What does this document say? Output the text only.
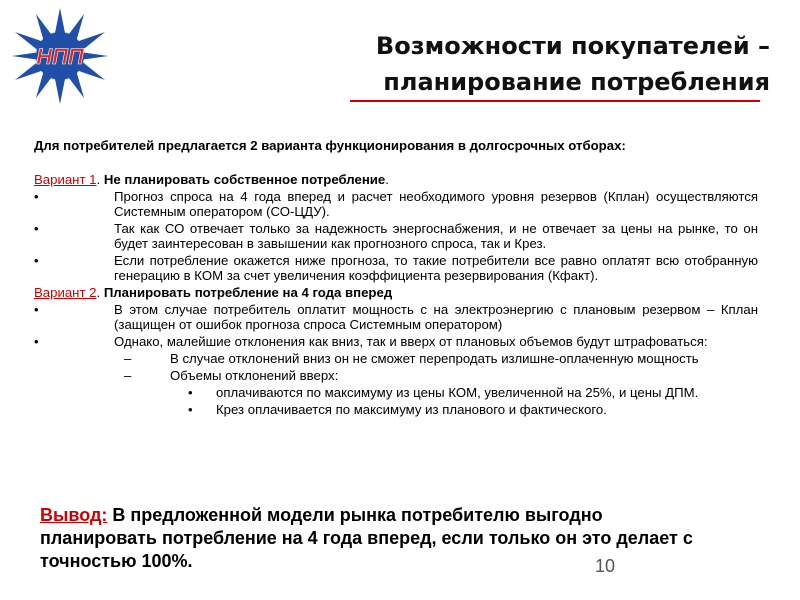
НПП	Возможности покупателей –
планирование потребления
Для потребителей предлагается 2 варианта функционирования в долгосрочных отборах:
Вариант 1. Не планировать собственное потребление.
•	Прогноз спроса на 4 года вперед и расчет необходимого уровня резервов (Кплан) осуществляются Системным оператором (СО-ЦДУ).
•	Так как СО отвечает только за надежность энергоснабжения, и не отвечает за цены на рынке, то он будет заинтересован в завышении как прогнозного спроса, так и Крез.
•	Если потребление окажется ниже прогноза, то такие потребители все равно оплатят всю отобранную генерацию в КОМ за счет увеличения коэффициента резервирования (Кфакт).
Вариант 2. Планировать потребление на 4 года вперед
•	В этом случае потребитель оплатит мощность с на электроэнергию с плановым резервом – Кплан (защищен от ошибок прогноза спроса Системным оператором)
•	Однако, малейшие отклонения как вниз, так и вверх от плановых объемов будут штрафоваться:
–	В случае отклонений вниз он не сможет перепродать излишне-оплаченную мощность
–	Объемы отклонений вверх:
•	оплачиваются по максимуму из цены КОМ, увеличенной на 25%, и цены ДПМ.
•	Крез оплачивается по максимуму из планового и фактического.
Вывод: В предложенной модели рынка потребителю выгодно планировать потребление на 4 года вперед, если только он это делает с точностью 100%.	10
